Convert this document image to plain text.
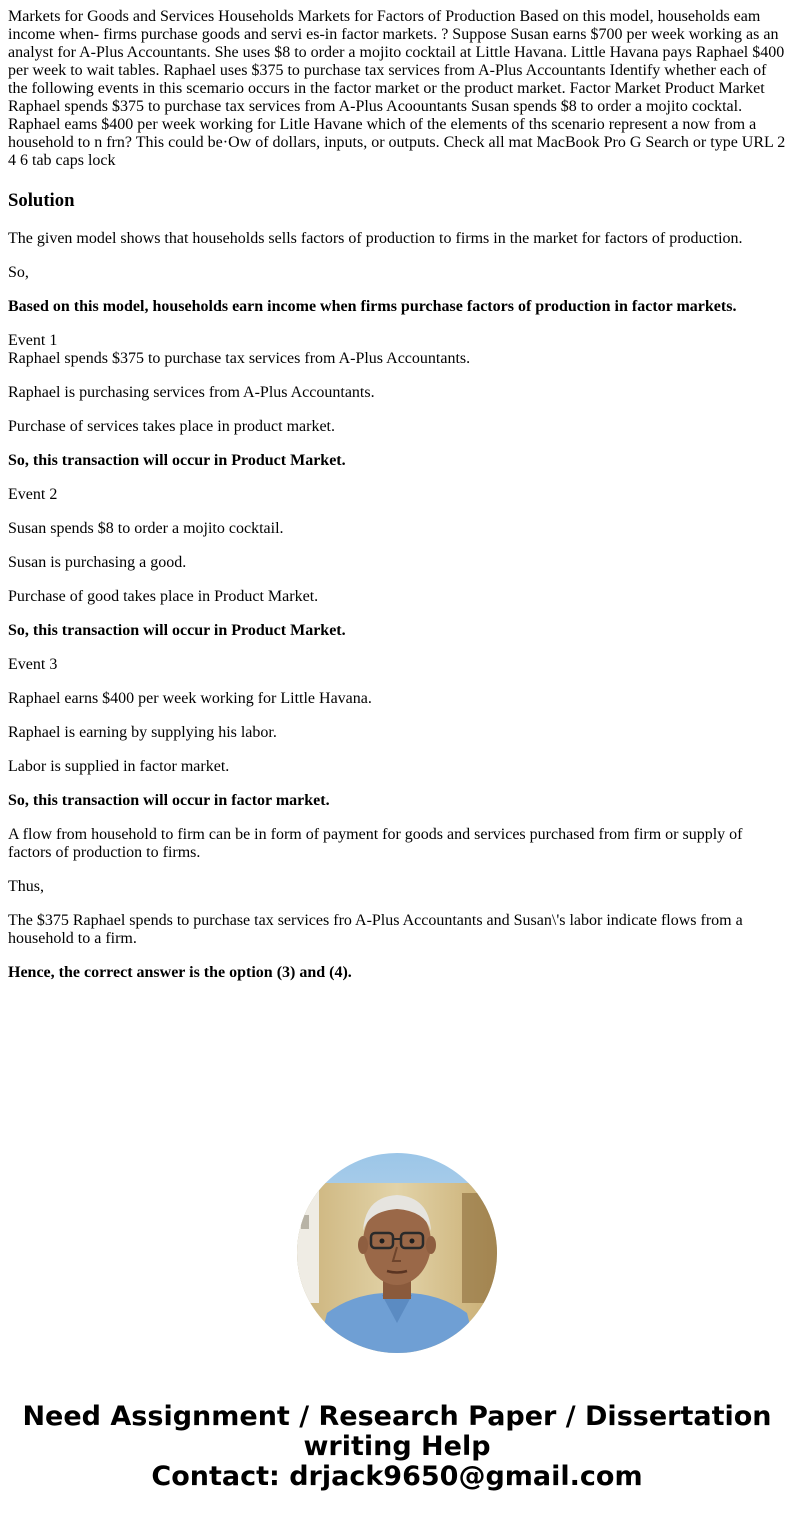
Markets for Goods and Services Households Markets for Factors of Production Based on this model, households eam income when- firms purchase goods and servi es-in factor markets. ? Suppose Susan earns $700 per week working as an analyst for A-Plus Accountants. She uses $8 to order a mojito cocktail at Little Havana. Little Havana pays Raphael $400 per week to wait tables. Raphael uses $375 to purchase tax services from A-Plus Accountants Identify whether each of the following events in this scemario occurs in the factor market or the product market. Factor Market Product Market Raphael spends $375 to purchase tax services from A-Plus Acoountants Susan spends $8 to order a mojito cocktal. Raphael eams $400 per week working for Litle Havane which of the elements of ths scenario represent a now from a household to n frn? This could be·Ow of dollars, inputs, or outputs. Check all mat MacBook Pro G Search or type URL 2 4 6 tab caps lock

Solution

The given model shows that households sells factors of production to firms in the market for factors of production.

So,

Based on this model, households earn income when firms purchase factors of production in factor markets.

Event 1
Raphael spends $375 to purchase tax services from A-Plus Accountants.

Raphael is purchasing services from A-Plus Accountants.

Purchase of services takes place in product market.

So, this transaction will occur in Product Market.

Event 2

Susan spends $8 to order a mojito cocktail.

Susan is purchasing a good.

Purchase of good takes place in Product Market.

So, this transaction will occur in Product Market.

Event 3

Raphael earns $400 per week working for Little Havana.

Raphael is earning by supplying his labor.

Labor is supplied in factor market.

So, this transaction will occur in factor market.

A flow from household to firm can be in form of payment for goods and services purchased from firm or supply of factors of production to firms.

Thus,

The $375 Raphael spends to purchase tax services fro A-Plus Accountants and Susan\'s labor indicate flows from a household to a firm.

Hence, the correct answer is the option (3) and (4).

Need Assignment / Research Paper / Dissertation
writing Help
Contact: drjack9650@gmail.com
